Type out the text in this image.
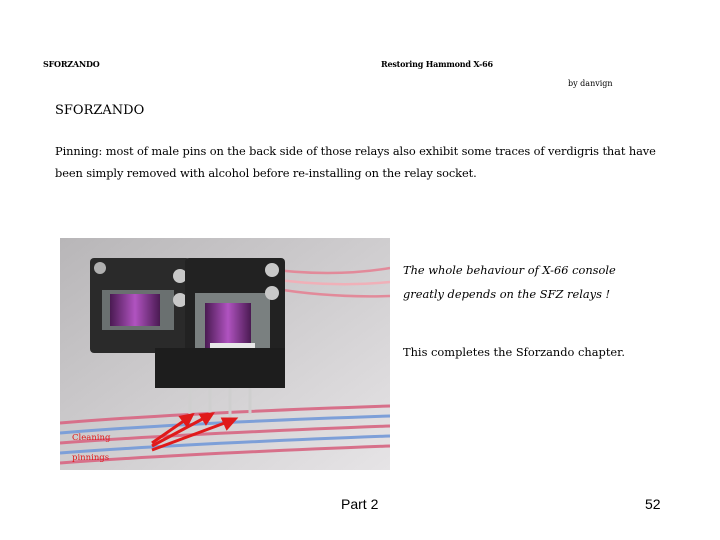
SFORZANDO	Restoring Hammond X-66
by danvign
SFORZANDO
Pinning: most of male pins on the back side of those relays also exhibit some traces of verdigris that have been simply removed with alcohol before re-installing on the relay socket.
The whole behaviour of X-66 console greatly depends on the SFZ relays !
This completes the Sforzando chapter.
Cleaning
pinnings
Part 2	52
